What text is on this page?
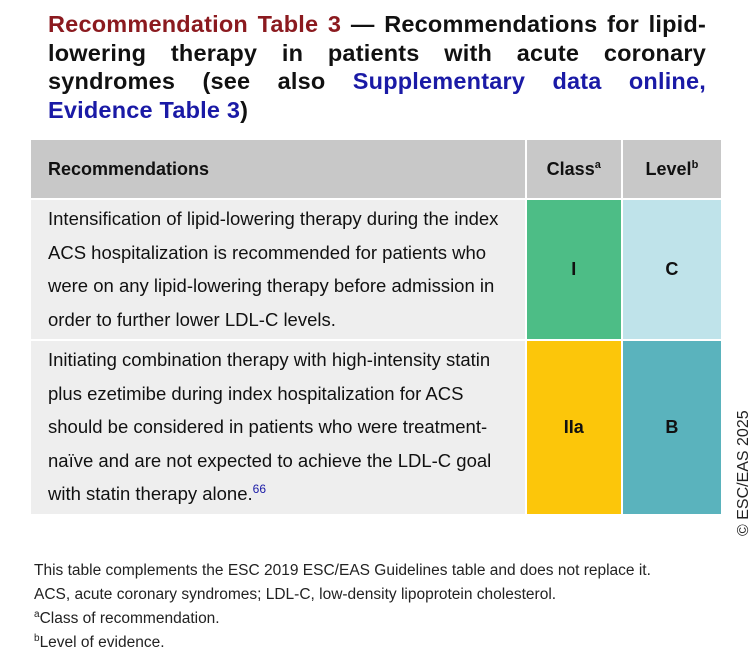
Recommendation Table 3 — Recommendations for lipid-lowering therapy in patients with acute coronary syndromes (see also Supplementary data online, Evidence Table 3)
Recommendations	Class$^a$	Level$^b$
Intensification of lipid-lowering therapy during the index ACS hospitalization is recommended for patients who were on any lipid-lowering therapy before admission in order to further lower LDL-C levels.	I	C
Initiating combination therapy with high-intensity statin plus ezetimibe during index hospitalization for ACS should be considered in patients who were treatment-naïve and are not expected to achieve the LDL-C goal with statin therapy alone.$^{66}$	IIa	B	© ESC/EAS 2025
This table complements the ESC 2019 ESC/EAS Guidelines table and does not replace it.
ACS, acute coronary syndromes; LDL-C, low-density lipoprotein cholesterol.
$^a$Class of recommendation.
$^b$Level of evidence.
